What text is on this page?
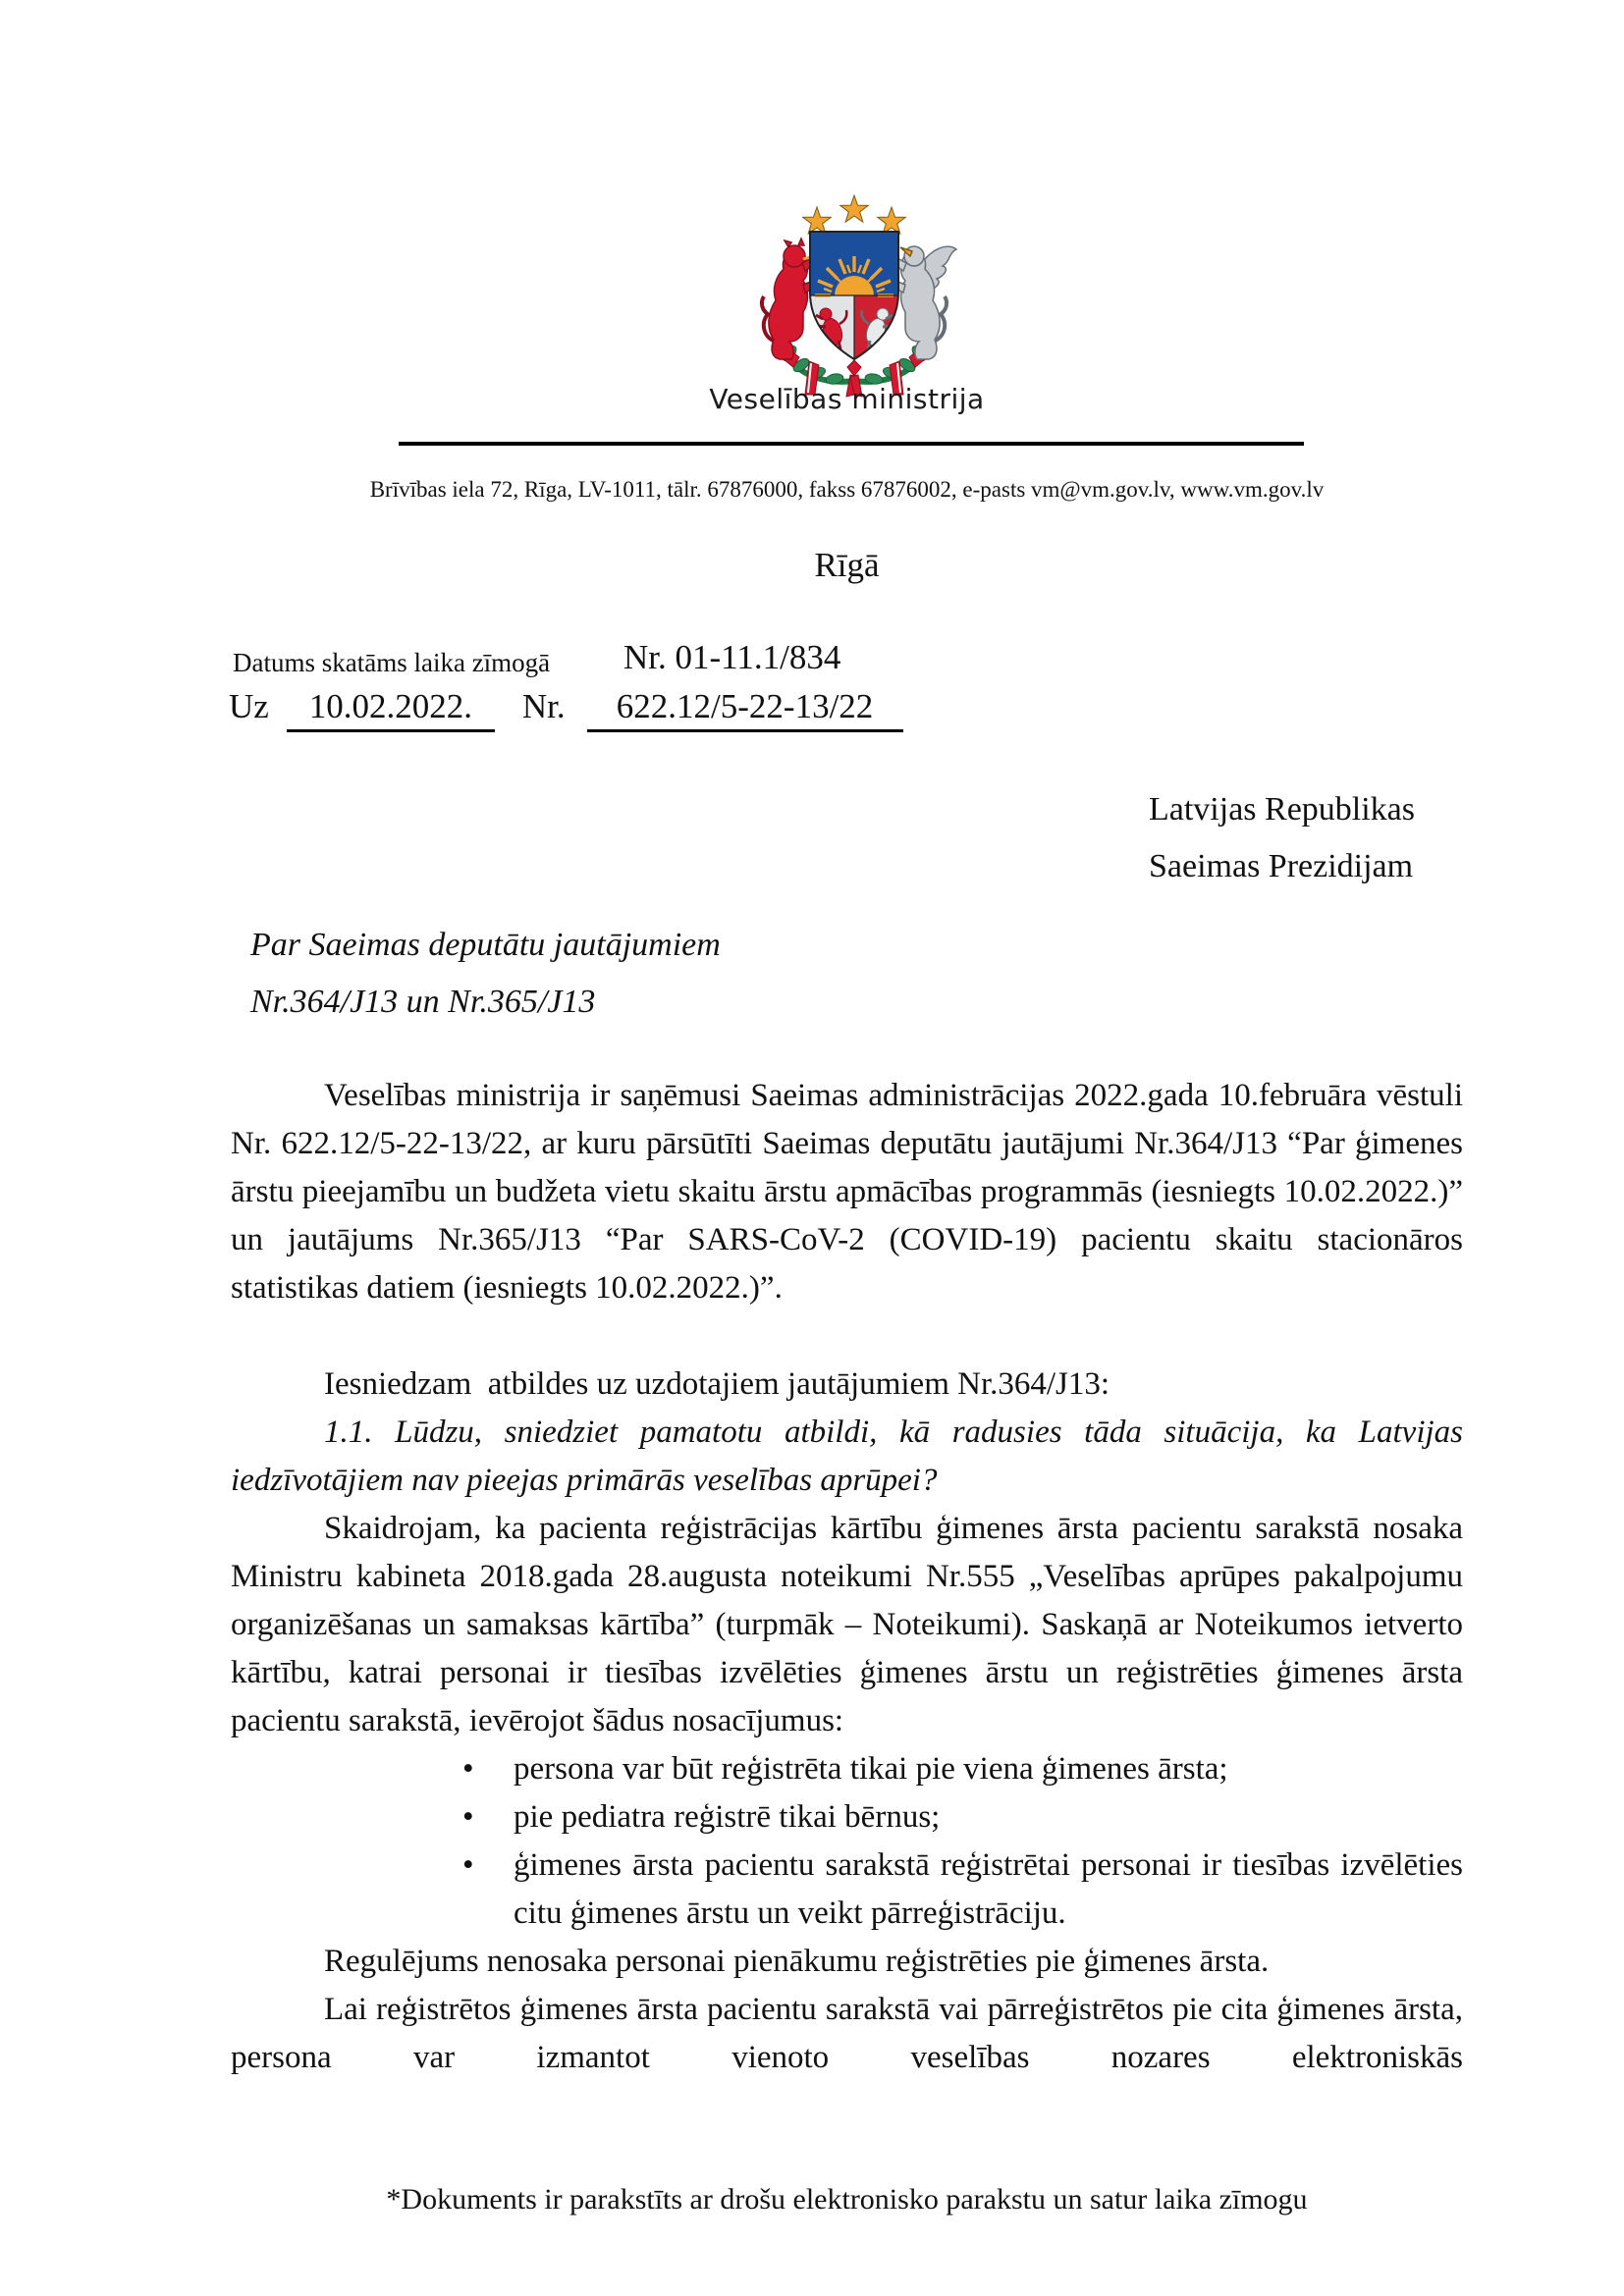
Veselības ministrija
Brīvības iela 72, Rīga, LV-1011, tālr. 67876000, fakss 67876002, e-pasts vm@vm.gov.lv, www.vm.gov.lv
Rīgā
Datums skatāms laika zīmogā Nr. 01-11.1/834
Uz 10.02.2022. Nr. 622.12/5-22-13/22
Latvijas Republikas
Saeimas Prezidijam
Par Saeimas deputātu jautājumiem
Nr.364/J13 un Nr.365/J13

Veselības ministrija ir saņēmusi Saeimas administrācijas 2022.gada 10.februāra vēstuli Nr. 622.12/5-22-13/22, ar kuru pārsūtīti Saeimas deputātu jautājumi Nr.364/J13 “Par ģimenes ārstu pieejamību un budžeta vietu skaitu ārstu apmācības programmās (iesniegts 10.02.2022.)” un jautājums Nr.365/J13 “Par SARS-CoV-2 (COVID-19) pacientu skaitu stacionāros statistikas datiem (iesniegts 10.02.2022.)”.

Iesniedzam  atbildes uz uzdotajiem jautājumiem Nr.364/J13:

1.1. Lūdzu, sniedziet pamatotu atbildi, kā radusies tāda situācija, ka Latvijas iedzīvotājiem nav pieejas primārās veselības aprūpei?

Skaidrojam, ka pacienta reģistrācijas kārtību ģimenes ārsta pacientu sarakstā nosaka Ministru kabineta 2018.gada 28.augusta noteikumi Nr.555 „Veselības aprūpes pakalpojumu organizēšanas un samaksas kārtība” (turpmāk – Noteikumi). Saskaņā ar Noteikumos ietverto kārtību, katrai personai ir tiesības izvēlēties ģimenes ārstu un reģistrēties ģimenes ārsta pacientu sarakstā, ievērojot šādus nosacījumus:

• persona var būt reģistrēta tikai pie viena ģimenes ārsta;
• pie pediatra reģistrē tikai bērnus;
• ģimenes ārsta pacientu sarakstā reģistrētai personai ir tiesības izvēlēties citu ģimenes ārstu un veikt pārreģistrāciju.

Regulējums nenosaka personai pienākumu reģistrēties pie ģimenes ārsta.

Lai reģistrētos ģimenes ārsta pacientu sarakstā vai pārreģistrētos pie cita ģimenes ārsta, persona var izmantot vienoto veselības nozares elektroniskās

*Dokuments ir parakstīts ar drošu elektronisko parakstu un satur laika zīmogu
